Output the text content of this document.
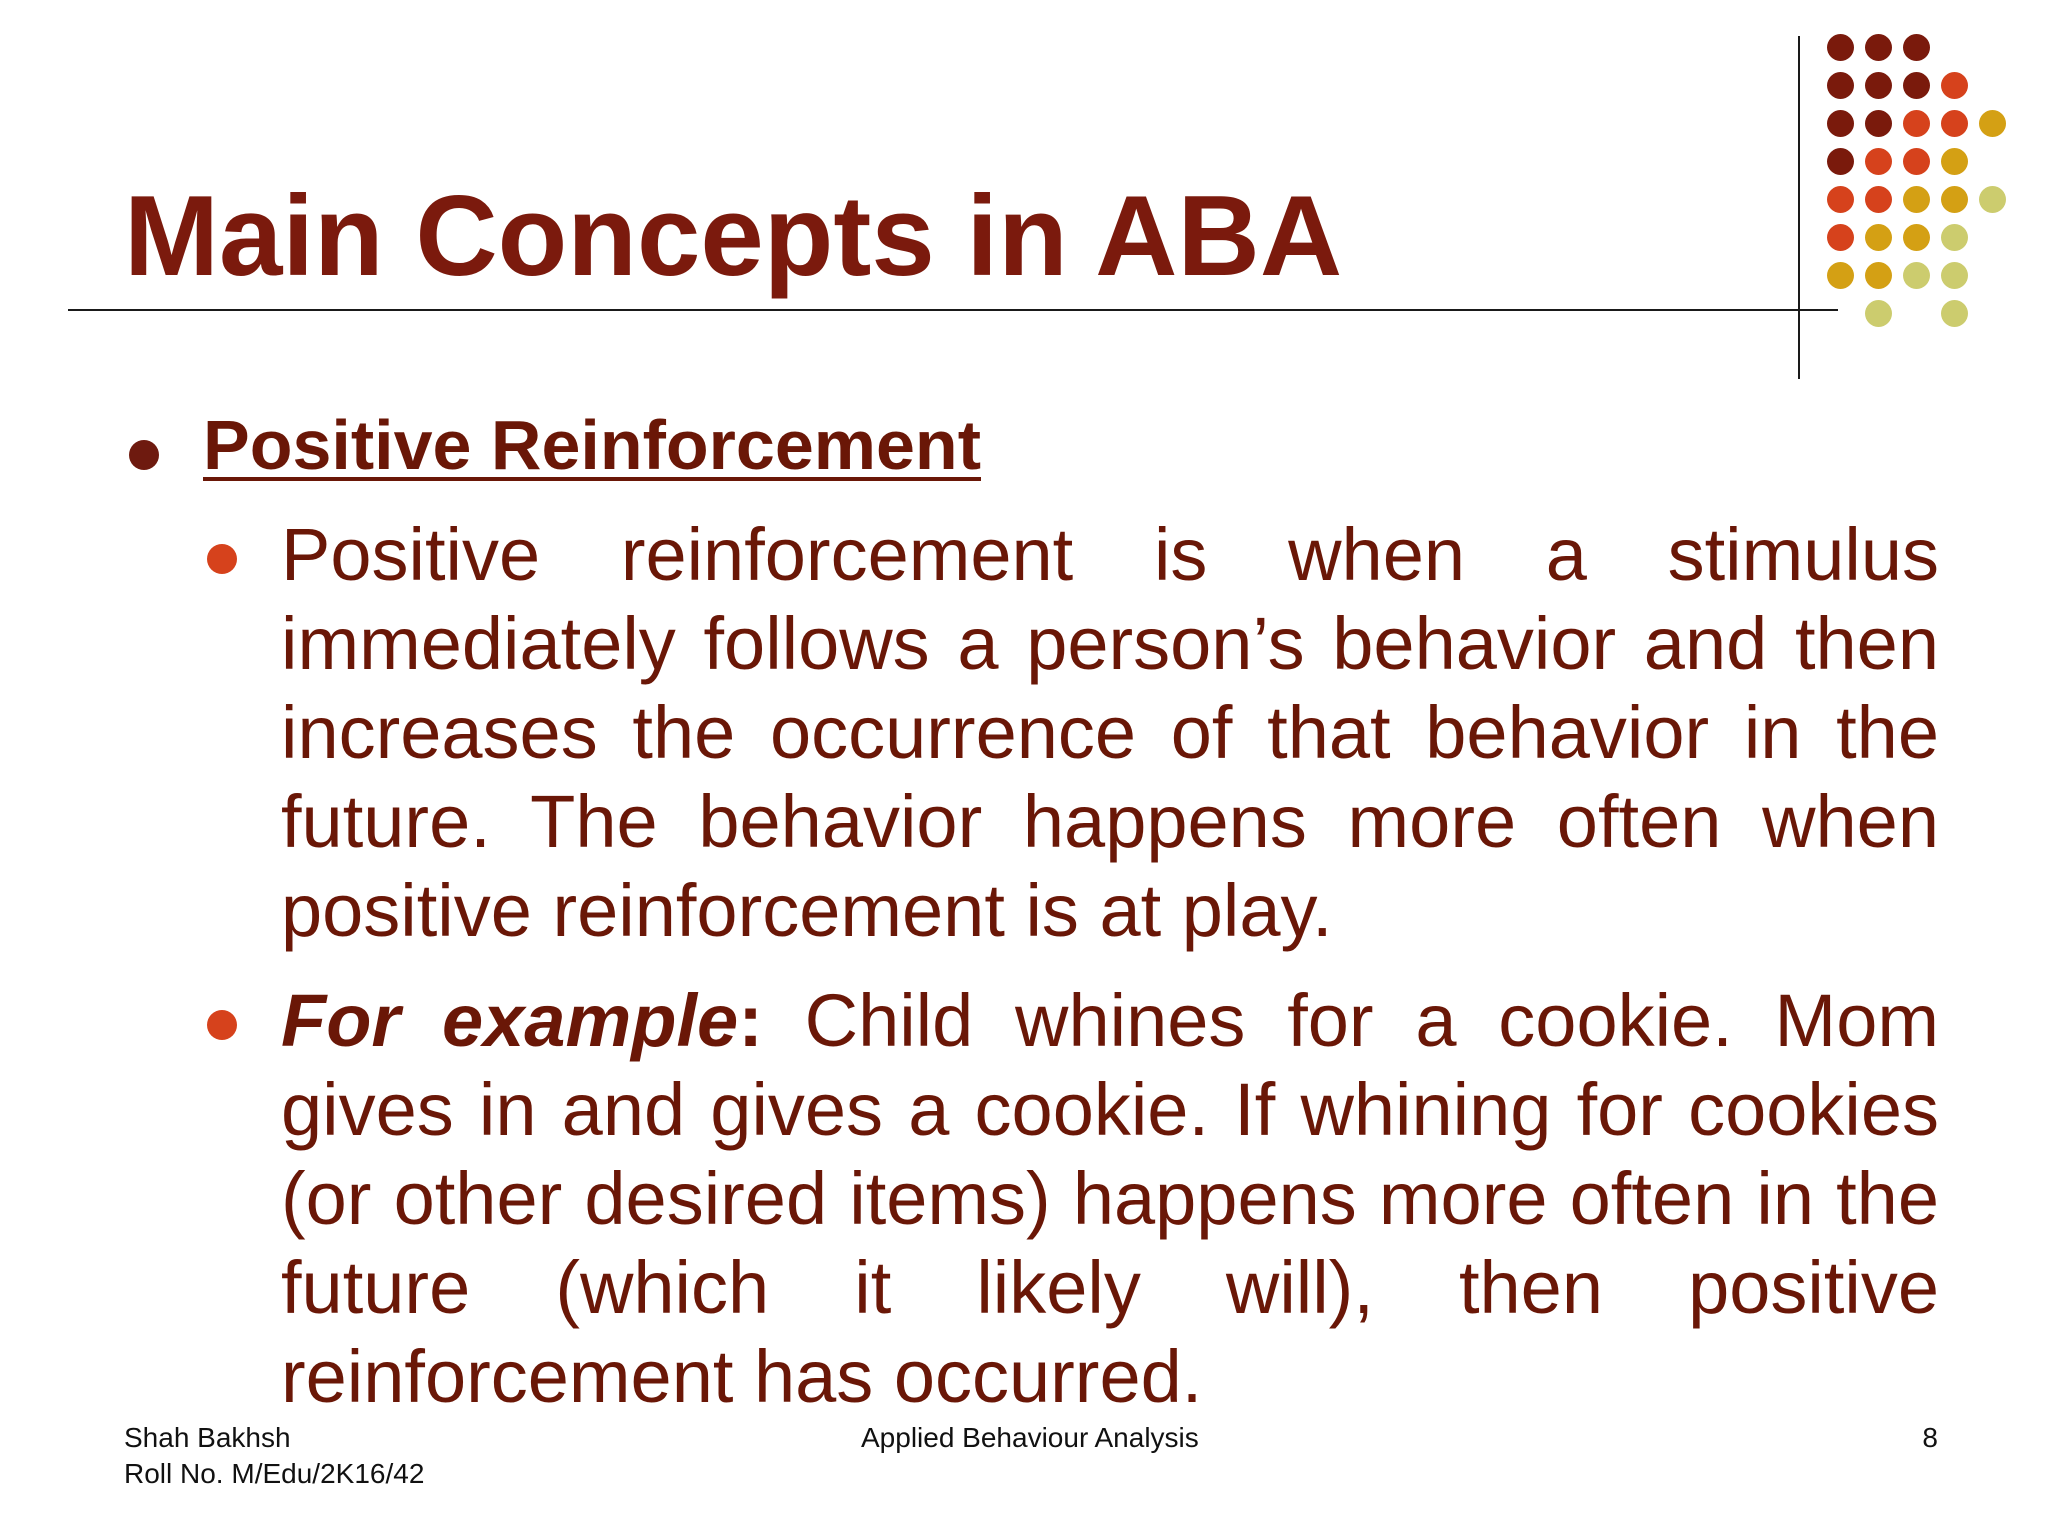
Main Concepts in ABA
Positive Reinforcement
Positive reinforcement is when a stimulus immediately follows a person’s behavior and then increases the occurrence of that behavior in the future. The behavior happens more often when positive reinforcement is at play.
For example: Child whines for a cookie. Mom gives in and gives a cookie. If whining for cookies (or other desired items) happens more often in the future (which it likely will), then positive reinforcement has occurred.
Shah Bakhsh
Roll No. M/Edu/2K16/42
Applied Behaviour Analysis	8
